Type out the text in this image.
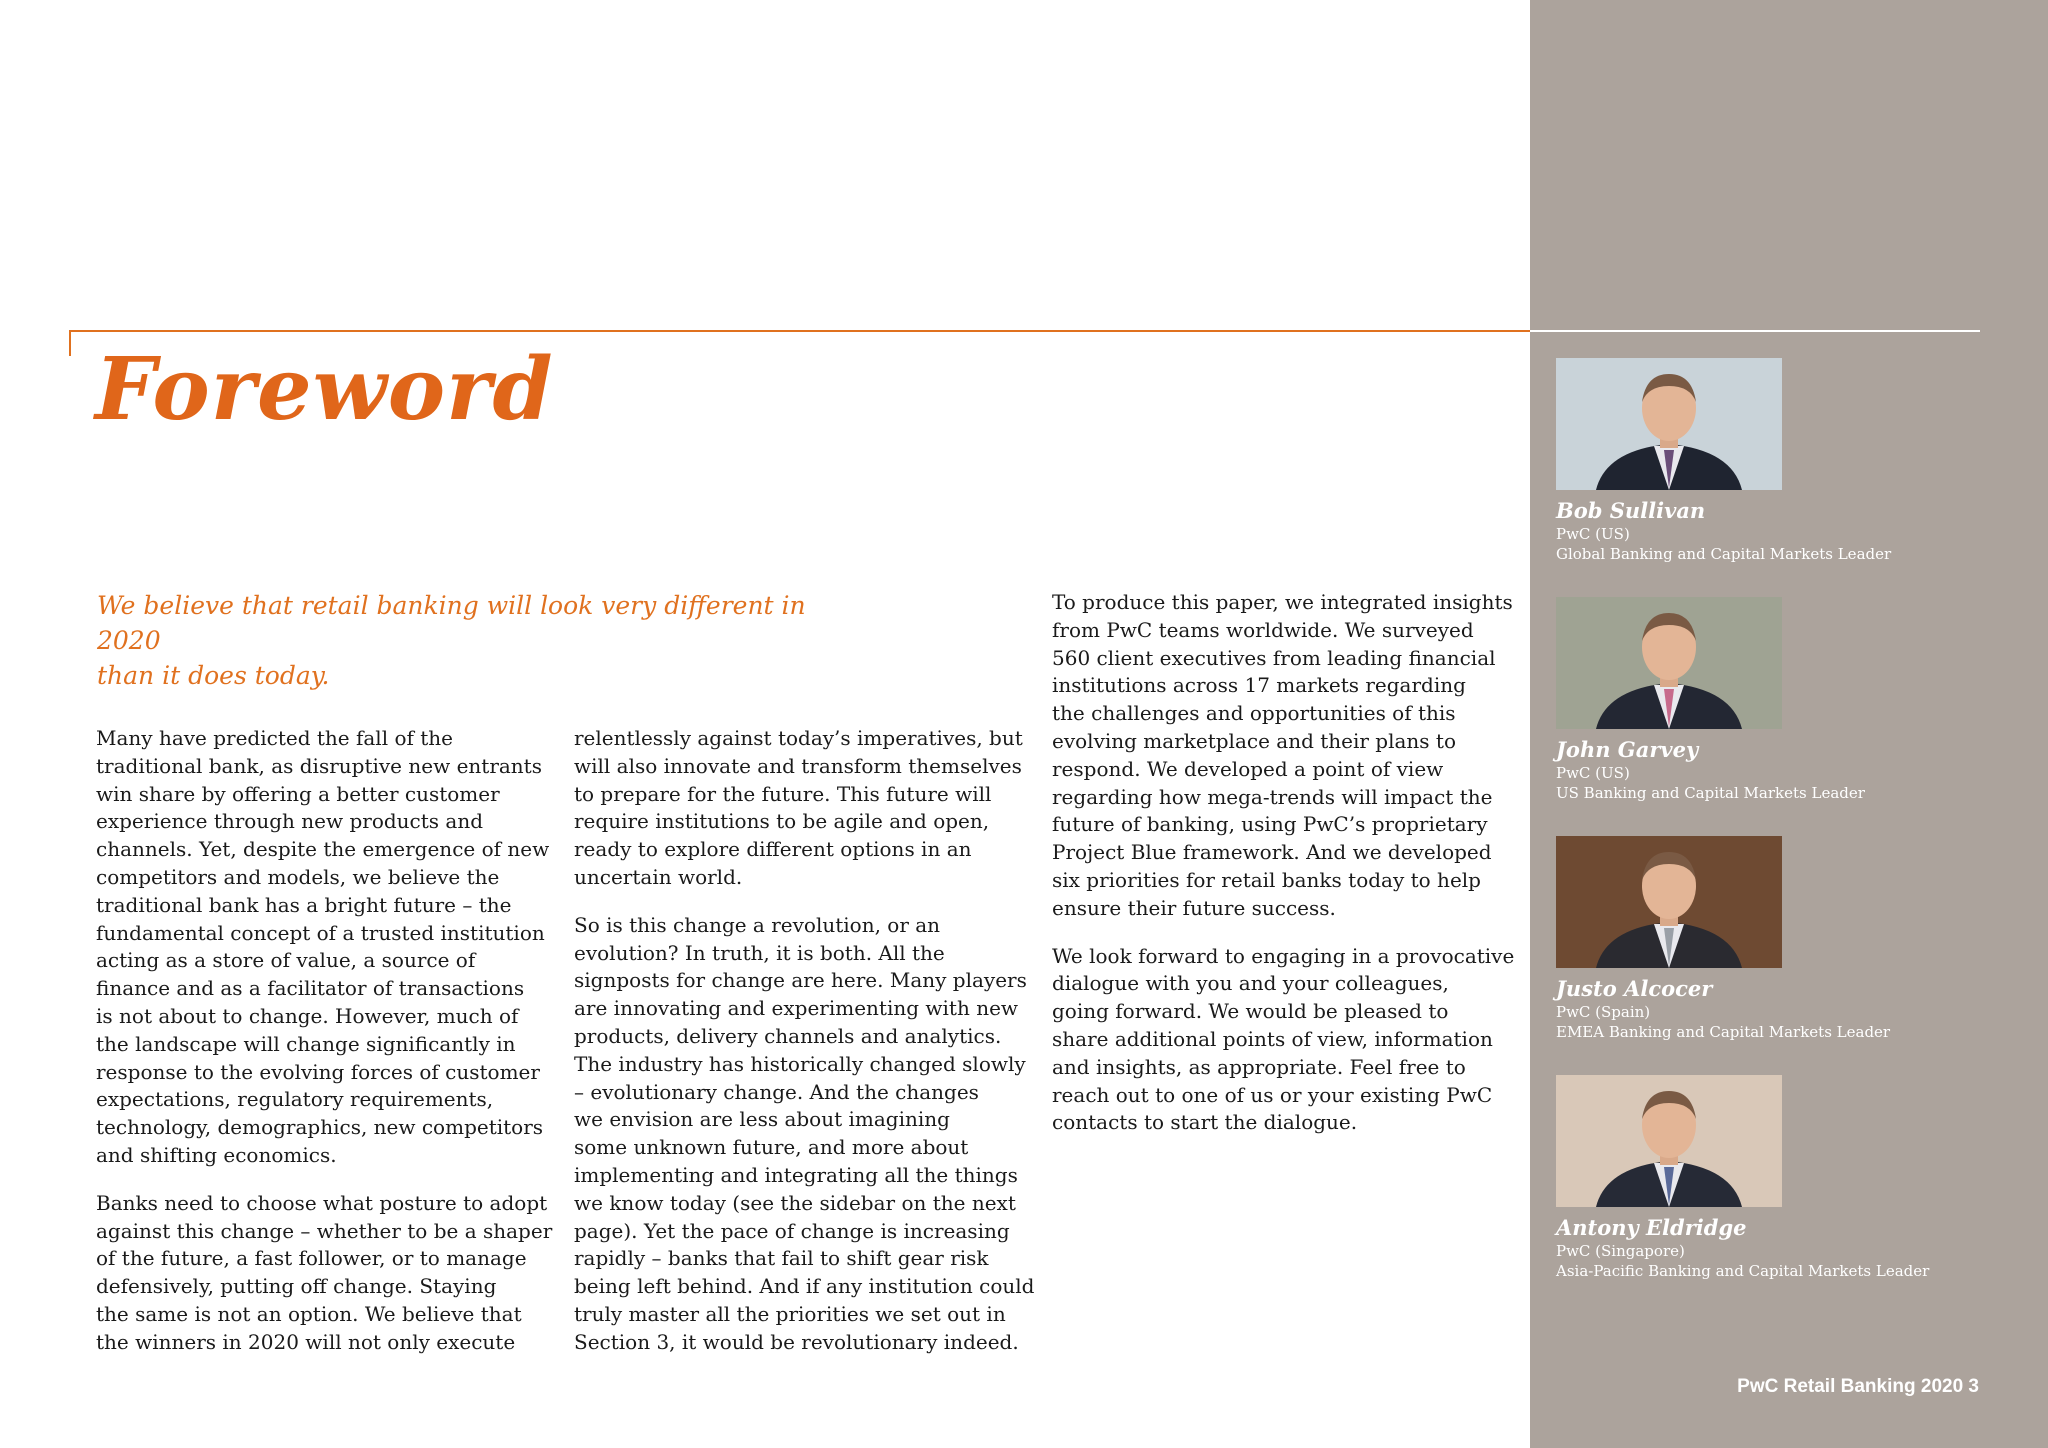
Foreword

We believe that retail banking will look very different in 2020
than it does today.

Many have predicted the fall of the
traditional bank, as disruptive new entrants
win share by offering a better customer
experience through new products and
channels. Yet, despite the emergence of new
competitors and models, we believe the
traditional bank has a bright future – the
fundamental concept of a trusted institution
acting as a store of value, a source of
finance and as a facilitator of transactions
is not about to change. However, much of
the landscape will change significantly in
response to the evolving forces of customer
expectations, regulatory requirements,
technology, demographics, new competitors
and shifting economics.

Banks need to choose what posture to adopt
against this change – whether to be a shaper
of the future, a fast follower, or to manage
defensively, putting off change. Staying
the same is not an option. We believe that
the winners in 2020 will not only execute

relentlessly against today’s imperatives, but
will also innovate and transform themselves
to prepare for the future. This future will
require institutions to be agile and open,
ready to explore different options in an
uncertain world.

So is this change a revolution, or an
evolution? In truth, it is both. All the
signposts for change are here. Many players
are innovating and experimenting with new
products, delivery channels and analytics.
The industry has historically changed slowly
– evolutionary change. And the changes
we envision are less about imagining
some unknown future, and more about
implementing and integrating all the things
we know today (see the sidebar on the next
page). Yet the pace of change is increasing
rapidly – banks that fail to shift gear risk
being left behind. And if any institution could
truly master all the priorities we set out in
Section 3, it would be revolutionary indeed.

To produce this paper, we integrated insights
from PwC teams worldwide. We surveyed
560 client executives from leading financial
institutions across 17 markets regarding
the challenges and opportunities of this
evolving marketplace and their plans to
respond. We developed a point of view
regarding how mega-trends will impact the
future of banking, using PwC’s proprietary
Project Blue framework. And we developed
six priorities for retail banks today to help
ensure their future success.

We look forward to engaging in a provocative
dialogue with you and your colleagues,
going forward. We would be pleased to
share additional points of view, information
and insights, as appropriate. Feel free to
reach out to one of us or your existing PwC
contacts to start the dialogue.

Bob Sullivan
PwC (US)
Global Banking and Capital Markets Leader
John Garvey
PwC (US)
US Banking and Capital Markets Leader
Justo Alcocer
PwC (Spain)
EMEA Banking and Capital Markets Leader
Antony Eldridge
PwC (Singapore)
Asia-Pacific Banking and Capital Markets Leader
PwC Retail Banking 2020 3
